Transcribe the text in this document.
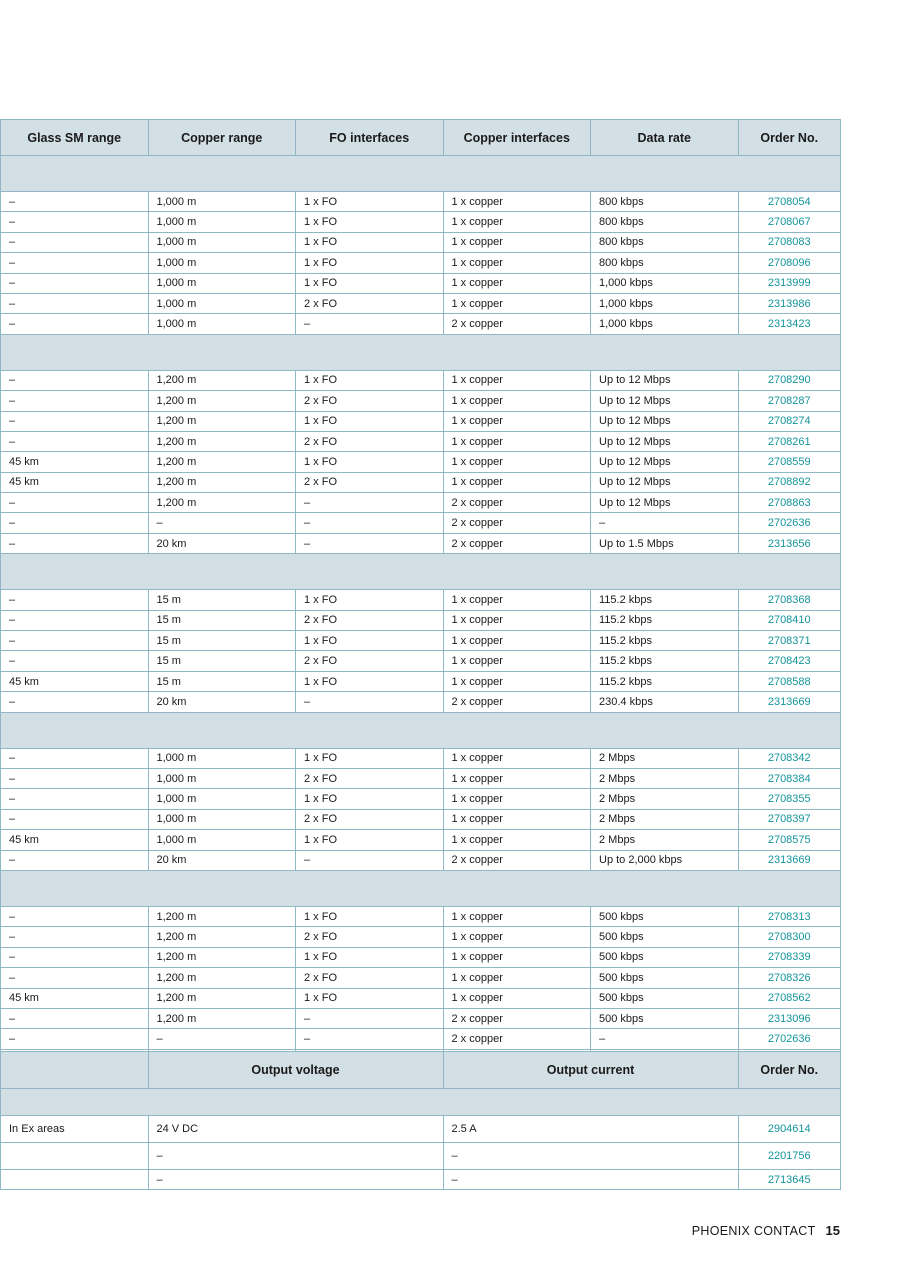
Glass SM range	Copper range	FO interfaces	Copper interfaces	Data rate	Order No.

–	1,000 m	1 x FO	1 x copper	800 kbps	2708054
–	1,000 m	1 x FO	1 x copper	800 kbps	2708067
–	1,000 m	1 x FO	1 x copper	800 kbps	2708083
–	1,000 m	1 x FO	1 x copper	800 kbps	2708096
–	1,000 m	1 x FO	1 x copper	1,000 kbps	2313999
–	1,000 m	2 x FO	1 x copper	1,000 kbps	2313986
–	1,000 m	–	2 x copper	1,000 kbps	2313423

–	1,200 m	1 x FO	1 x copper	Up to 12 Mbps	2708290
–	1,200 m	2 x FO	1 x copper	Up to 12 Mbps	2708287
–	1,200 m	1 x FO	1 x copper	Up to 12 Mbps	2708274
–	1,200 m	2 x FO	1 x copper	Up to 12 Mbps	2708261
45 km	1,200 m	1 x FO	1 x copper	Up to 12 Mbps	2708559
45 km	1,200 m	2 x FO	1 x copper	Up to 12 Mbps	2708892
–	1,200 m	–	2 x copper	Up to 12 Mbps	2708863
–	–	–	2 x copper	–	2702636
–	20 km	–	2 x copper	Up to 1.5 Mbps	2313656

–	15 m	1 x FO	1 x copper	115.2 kbps	2708368
–	15 m	2 x FO	1 x copper	115.2 kbps	2708410
–	15 m	1 x FO	1 x copper	115.2 kbps	2708371
–	15 m	2 x FO	1 x copper	115.2 kbps	2708423
45 km	15 m	1 x FO	1 x copper	115.2 kbps	2708588
–	20 km	–	2 x copper	230.4 kbps	2313669

–	1,000 m	1 x FO	1 x copper	2 Mbps	2708342
–	1,000 m	2 x FO	1 x copper	2 Mbps	2708384
–	1,000 m	1 x FO	1 x copper	2 Mbps	2708355
–	1,000 m	2 x FO	1 x copper	2 Mbps	2708397
45 km	1,000 m	1 x FO	1 x copper	2 Mbps	2708575
–	20 km	–	2 x copper	Up to 2,000 kbps	2313669

–	1,200 m	1 x FO	1 x copper	500 kbps	2708313
–	1,200 m	2 x FO	1 x copper	500 kbps	2708300
–	1,200 m	1 x FO	1 x copper	500 kbps	2708339
–	1,200 m	2 x FO	1 x copper	500 kbps	2708326
45 km	1,200 m	1 x FO	1 x copper	500 kbps	2708562
–	1,200 m	–	2 x copper	500 kbps	2313096
–	–	–	2 x copper	–	2702636

	Output voltage	Output current	Order No.

In Ex areas	24 V DC	2.5 A	2904614
	–	–	2201756
	–	–	2713645
PHOENIX CONTACT 15
